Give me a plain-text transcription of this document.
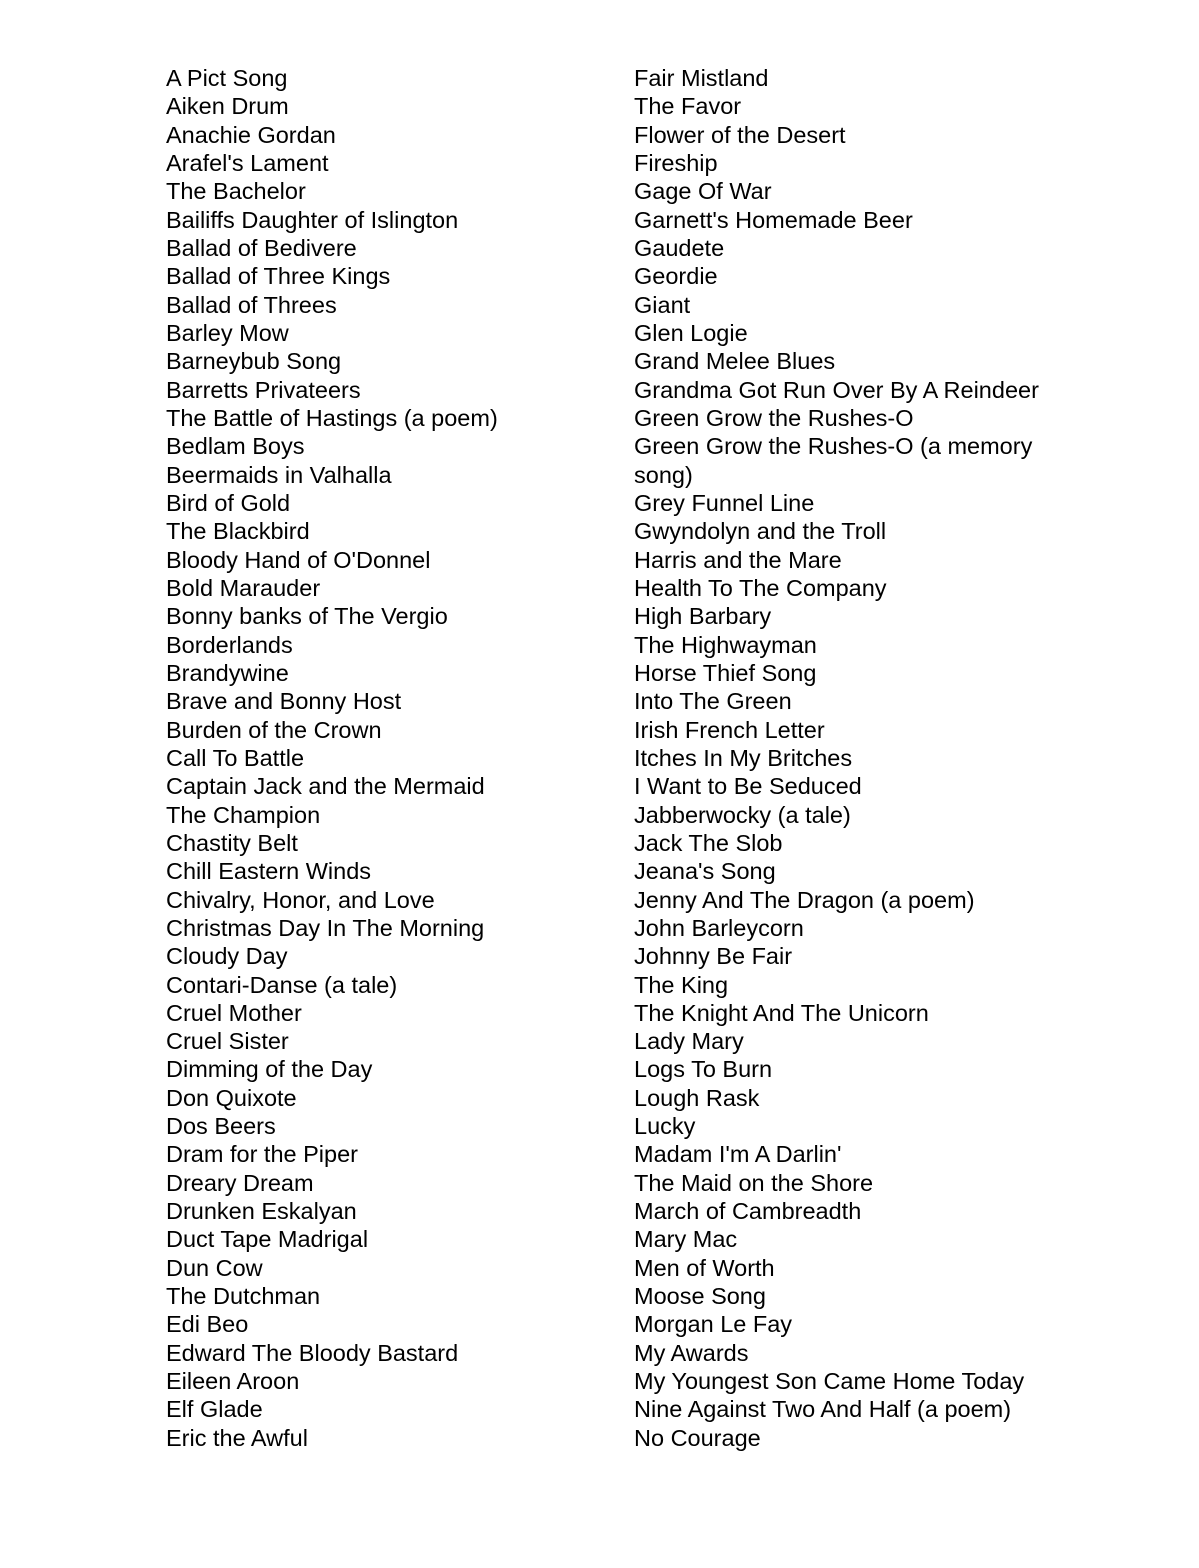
A Pict Song
Aiken Drum
Anachie Gordan
Arafel's Lament
The Bachelor
Bailiffs Daughter of Islington
Ballad of Bedivere
Ballad of Three Kings
Ballad of Threes
Barley Mow
Barneybub Song
Barretts Privateers
The Battle of Hastings (a poem)
Bedlam Boys
Beermaids in Valhalla
Bird of Gold
The Blackbird
Bloody Hand of O'Donnel
Bold Marauder
Bonny banks of The Vergio
Borderlands
Brandywine
Brave and Bonny Host
Burden of the Crown
Call To Battle
Captain Jack and the Mermaid
The Champion
Chastity Belt
Chill Eastern Winds
Chivalry, Honor, and Love
Christmas Day In The Morning
Cloudy Day
Contari-Danse (a tale)
Cruel Mother
Cruel Sister
Dimming of the Day
Don Quixote
Dos Beers
Dram for the Piper
Dreary Dream
Drunken Eskalyan
Duct Tape Madrigal
Dun Cow
The Dutchman
Edi Beo
Edward The Bloody Bastard
Eileen Aroon
Elf Glade
Eric the Awful
Fair Mistland
The Favor
Flower of the Desert
Fireship
Gage Of War
Garnett's Homemade Beer
Gaudete
Geordie
Giant
Glen Logie
Grand Melee Blues
Grandma Got Run Over By A Reindeer
Green Grow the Rushes-O
Green Grow the Rushes-O (a memory song)
Grey Funnel Line
Gwyndolyn and the Troll
Harris and the Mare
Health To The Company
High Barbary
The Highwayman
Horse Thief Song
Into The Green
Irish French Letter
Itches In My Britches
I Want to Be Seduced
Jabberwocky (a tale)
Jack The Slob
Jeana's Song
Jenny And The Dragon (a poem)
John Barleycorn
Johnny Be Fair
The King
The Knight And The Unicorn
Lady Mary
Logs To Burn
Lough Rask
Lucky
Madam I'm A Darlin'
The Maid on the Shore
March of Cambreadth
Mary Mac
Men of Worth
Moose Song
Morgan Le Fay
My Awards
My Youngest Son Came Home Today
Nine Against Two And Half (a poem)
No Courage
